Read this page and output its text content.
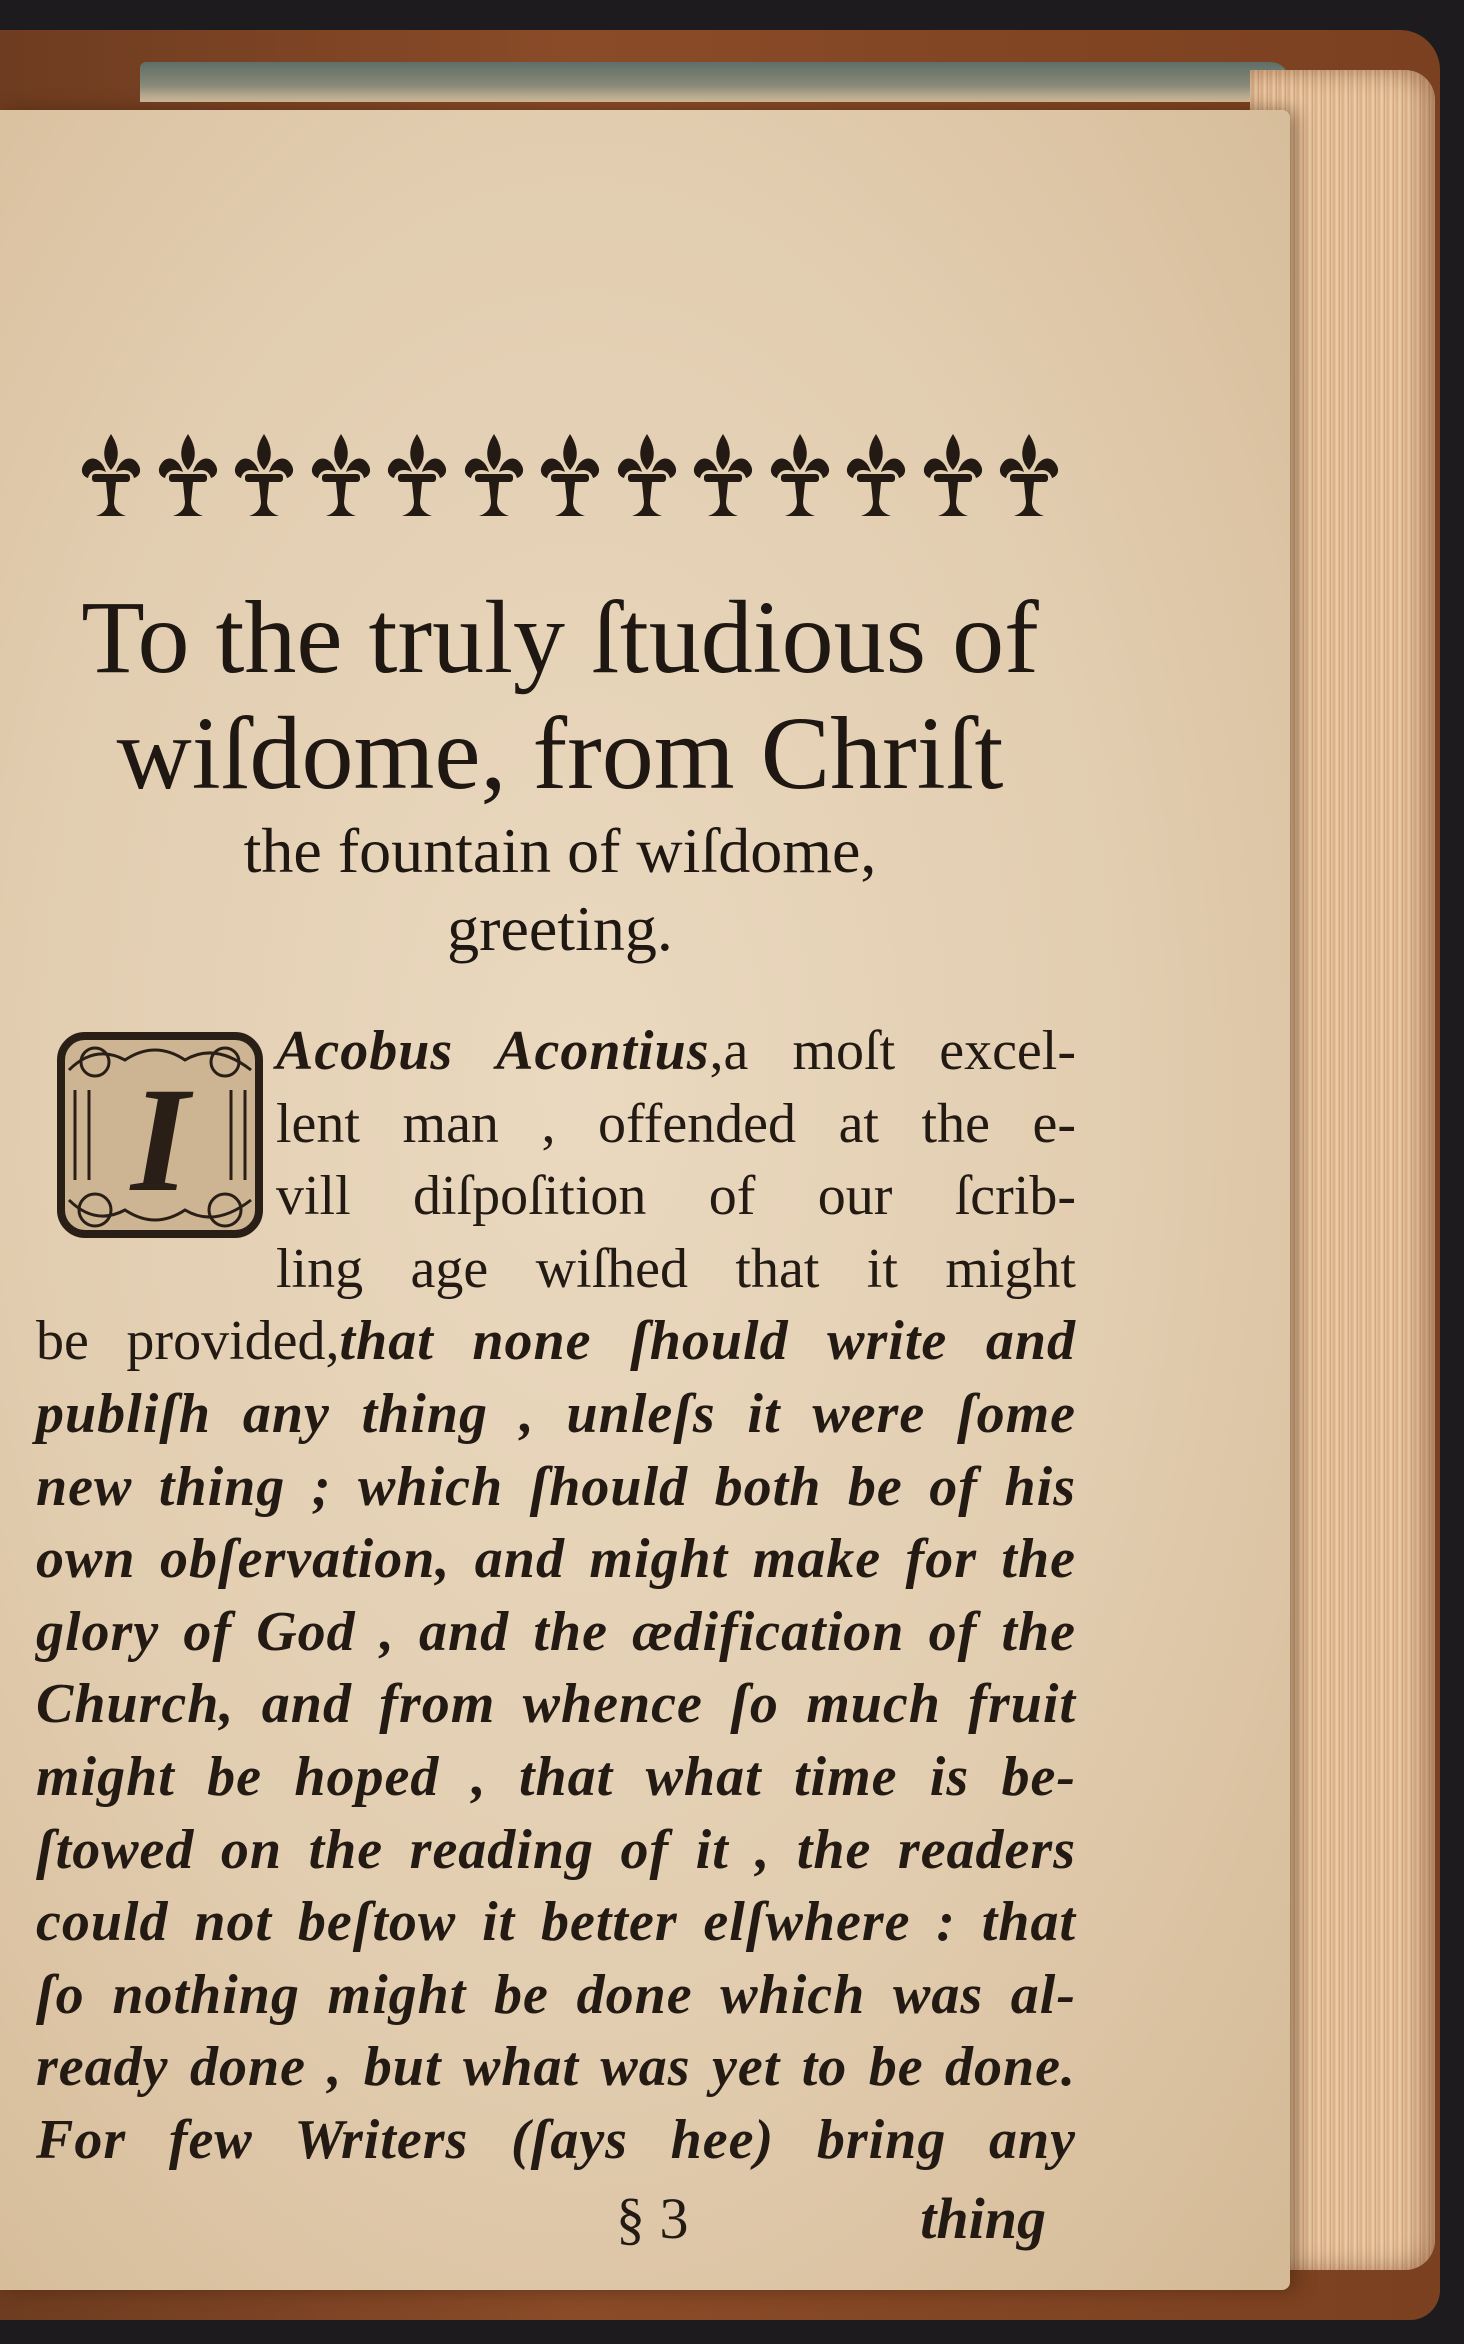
To the truly ſtudious of

wiſdome, from Chriſt

the fountain of wiſdome,

greeting.

I

Acobus Acontius,a moſt excel-

lent man , offended at the e-

vill diſpoſition of our ſcrib-

ling age wiſhed that it might

be provided,that none ſhould write and

publiſh any thing , unleſs it were ſome

new thing ; which ſhould both be of his

own obſervation, and might make for the

glory of God , and the ædification of the

Church, and from whence ſo much fruit

might be hoped , that what time is be-

ſtowed on the reading of it , the readers

could not beſtow it better elſwhere : that

ſo nothing might be done which was al-

ready done , but what was yet to be done.

For few Writers (ſays hee) bring any

§ 3	thing
